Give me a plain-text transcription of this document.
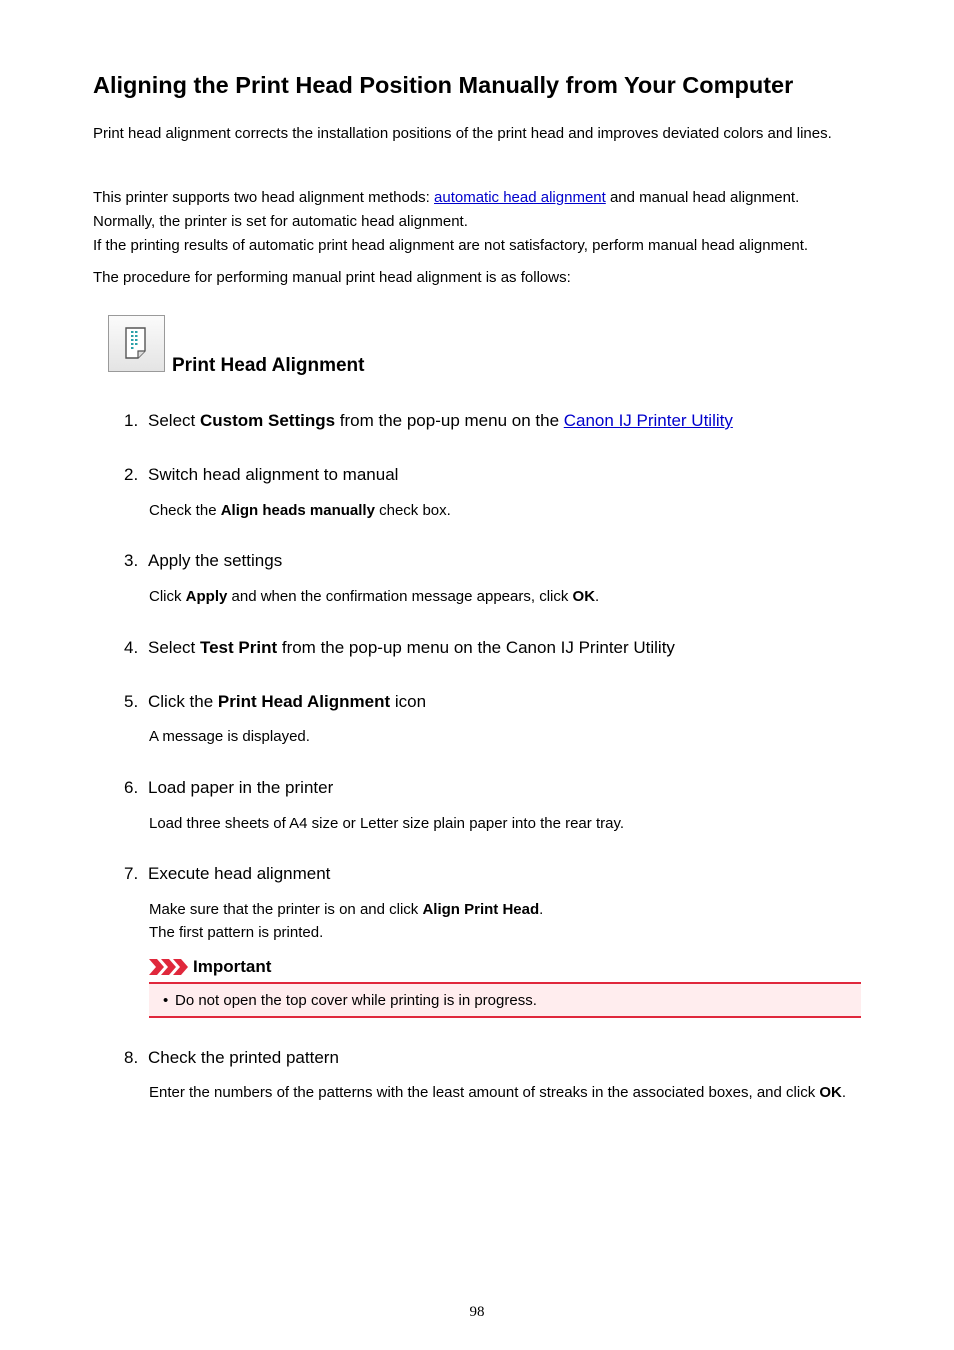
Aligning the Print Head Position Manually from Your Computer

Print head alignment corrects the installation positions of the print head and improves deviated colors and lines.

This printer supports two head alignment methods: automatic head alignment and manual head alignment.
Normally, the printer is set for automatic head alignment.
If the printing results of automatic print head alignment are not satisfactory, perform manual head alignment.

The procedure for performing manual print head alignment is as follows:

Print Head Alignment

1. Select Custom Settings from the pop-up menu on the Canon IJ Printer Utility

2. Switch head alignment to manual

Check the Align heads manually check box.

3. Apply the settings

Click Apply and when the confirmation message appears, click OK.

4. Select Test Print from the pop-up menu on the Canon IJ Printer Utility

5. Click the Print Head Alignment icon

A message is displayed.

6. Load paper in the printer

Load three sheets of A4 size or Letter size plain paper into the rear tray.

7. Execute head alignment

Make sure that the printer is on and click Align Print Head.
The first pattern is printed.

Important
• Do not open the top cover while printing is in progress.

8. Check the printed pattern

Enter the numbers of the patterns with the least amount of streaks in the associated boxes, and click OK.

98
